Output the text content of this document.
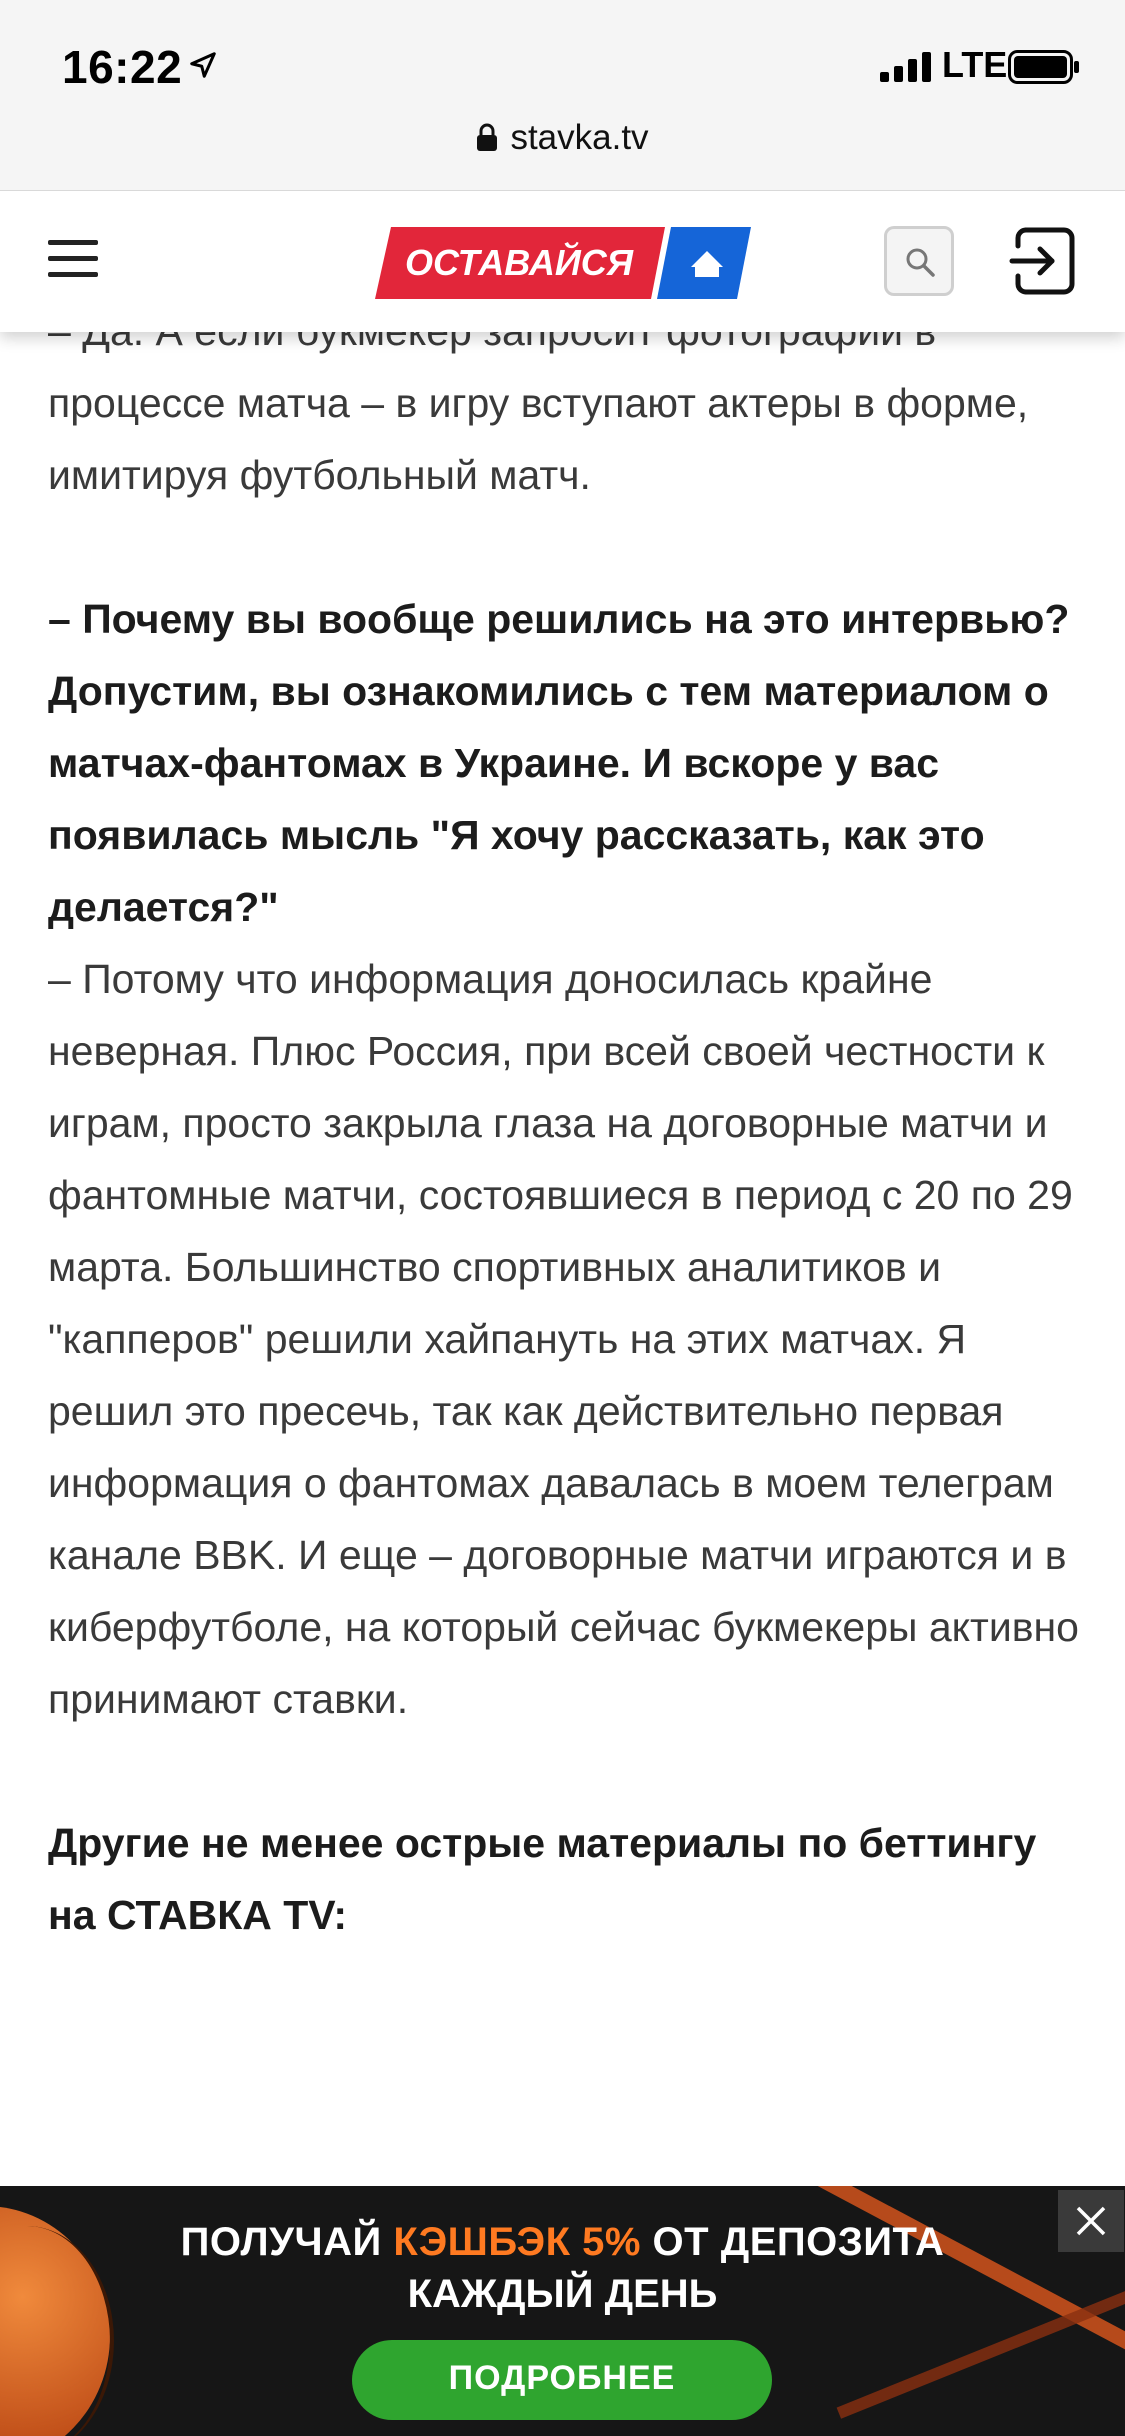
16:22	LTE
stavka.tv
ОСТАВАЙСЯ

процессе матча – в игру вступают актеры в форме, имитируя футбольный матч.

– Почему вы вообще решились на это интервью? Допустим, вы ознакомились с тем материалом о матчах-фантомах в Украине. И вскоре у вас появилась мысль "Я хочу рассказать, как это делается?"

– Потому что информация доносилась крайне неверная. Плюс Россия, при всей своей честности к играм, просто закрыла глаза на договорные матчи и фантомные матчи, состоявшиеся в период с 20 по 29 марта. Большинство спортивных аналитиков и "капперов" решили хайпануть на этих матчах. Я решил это пресечь, так как действительно первая информация о фантомах давалась в моем телеграм канале BBK. И еще – договорные матчи играются и в киберфутболе, на который сейчас букмекеры активно принимают ставки.

Другие не менее острые материалы по беттингу на СТАВКА TV:

ПОЛУЧАЙ КЭШБЭК 5% ОТ ДЕПОЗИТА
КАЖДЫЙ ДЕНЬ
ПОДРОБНЕЕ
